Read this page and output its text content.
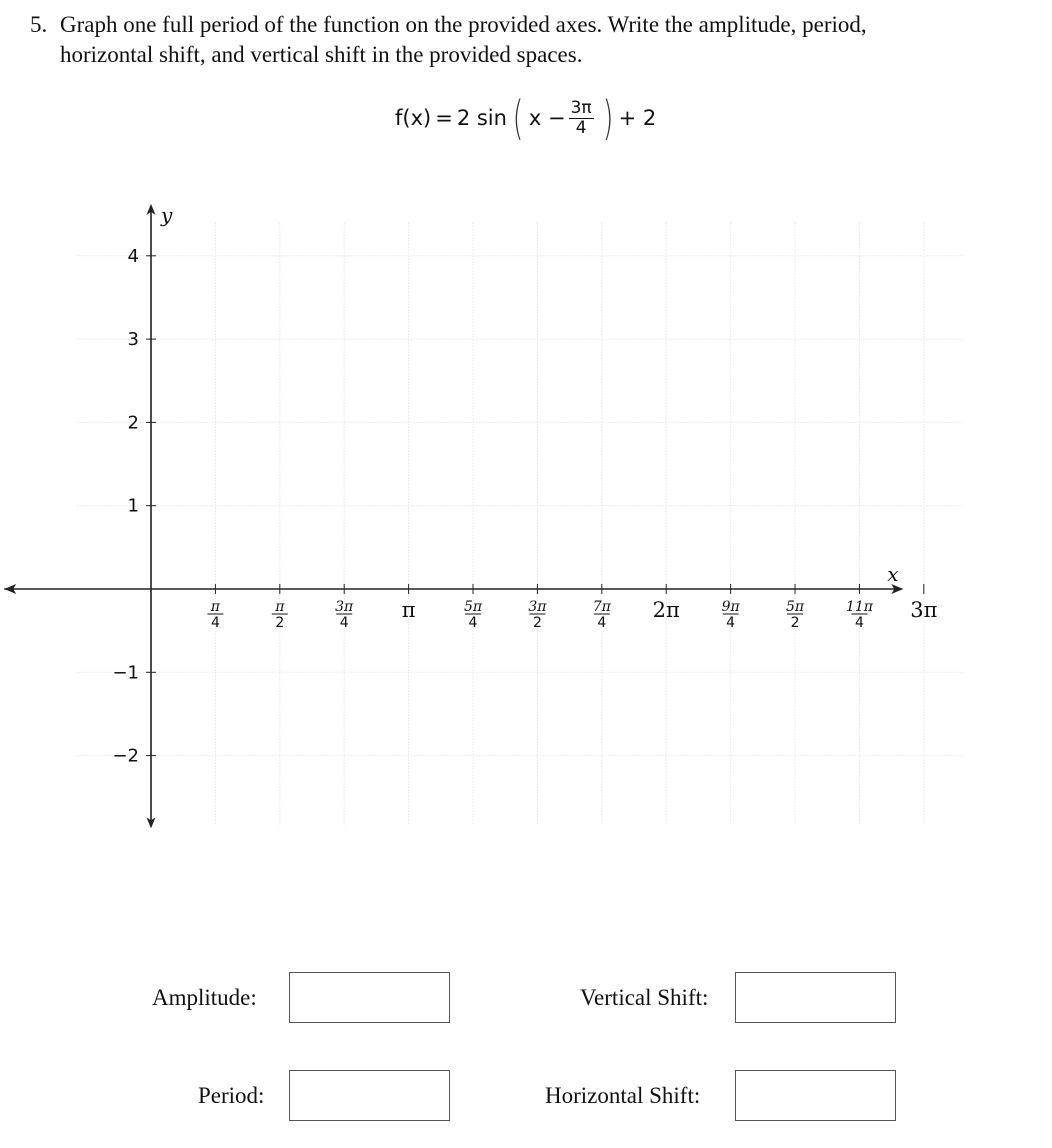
5. Graph one full period of the function on the provided axes. Write the amplitude, period,
horizontal shift, and vertical shift in the provided spaces.
f(x) = 2 sin ( $x - \frac{3\pi}{4}$ ) + 2
x
y
π
4
π
2
3π
4
π	5π
4
3π
2
7π
4
2π	9π
4
5π
2
11π
4
3π
4
3
2
1
−1
−2
Amplitude:
Period:
Vertical Shift:
Horizontal Shift:
